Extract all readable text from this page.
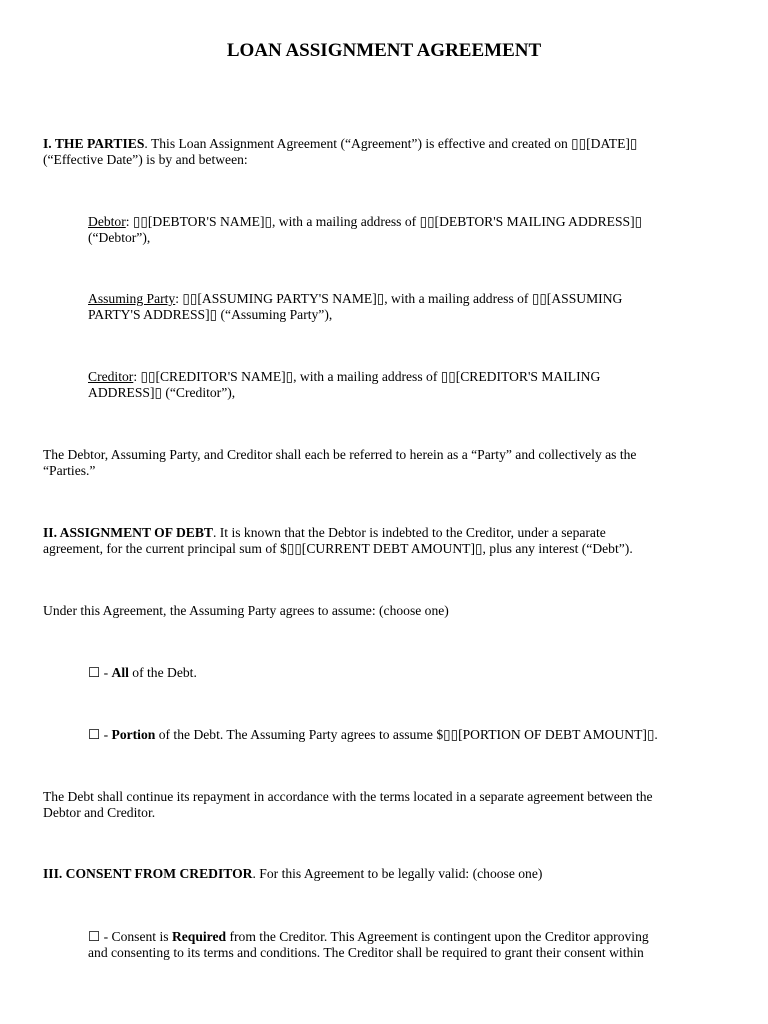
LOAN ASSIGNMENT AGREEMENT
I. THE PARTIES. This Loan Assignment Agreement (“Agreement”) is effective and created on ▯▯[DATE]▯
(“Effective Date”) is by and between:
Debtor: ▯▯[DEBTOR'S NAME]▯, with a mailing address of ▯▯[DEBTOR'S MAILING ADDRESS]▯
(“Debtor”),
Assuming Party: ▯▯[ASSUMING PARTY'S NAME]▯, with a mailing address of ▯▯[ASSUMING
PARTY'S ADDRESS]▯ (“Assuming Party”),
Creditor: ▯▯[CREDITOR'S NAME]▯, with a mailing address of ▯▯[CREDITOR'S MAILING
ADDRESS]▯ (“Creditor”),
The Debtor, Assuming Party, and Creditor shall each be referred to herein as a “Party” and collectively as the
“Parties.”
II. ASSIGNMENT OF DEBT. It is known that the Debtor is indebted to the Creditor, under a separate
agreement, for the current principal sum of $▯▯[CURRENT DEBT AMOUNT]▯, plus any interest (“Debt”).
Under this Agreement, the Assuming Party agrees to assume: (choose one)
☐ - All of the Debt.
☐ - Portion of the Debt. The Assuming Party agrees to assume $▯▯[PORTION OF DEBT AMOUNT]▯.
The Debt shall continue its repayment in accordance with the terms located in a separate agreement between the
Debtor and Creditor.
III. CONSENT FROM CREDITOR. For this Agreement to be legally valid: (choose one)
☐ - Consent is Required from the Creditor. This Agreement is contingent upon the Creditor approving
and consenting to its terms and conditions. The Creditor shall be required to grant their consent within
